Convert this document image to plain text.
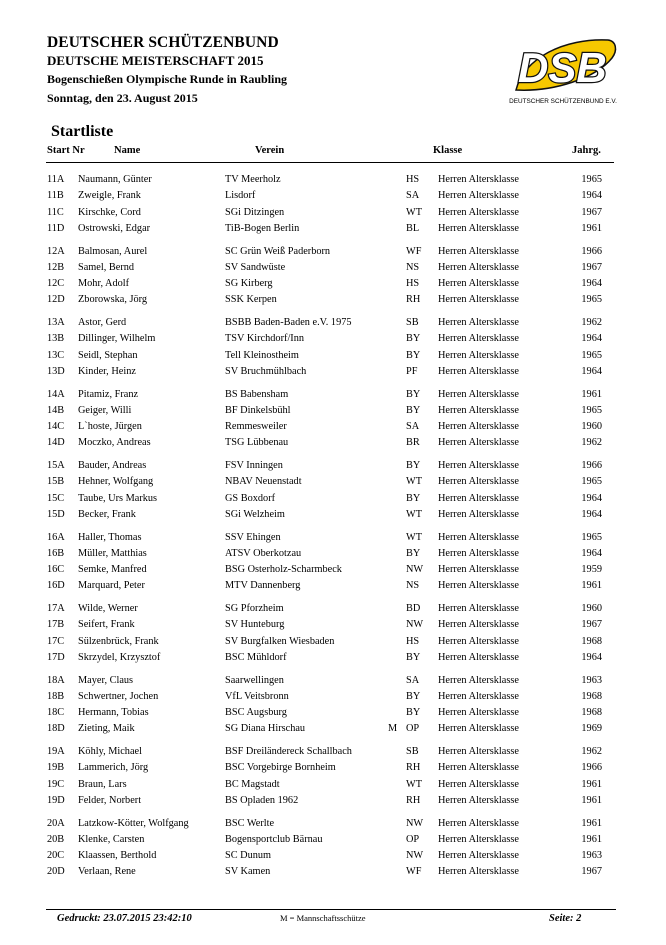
DEUTSCHER SCHÜTZENBUND
DEUTSCHE MEISTERSCHAFT 2015
Bogenschießen Olympische Runde in Raubling
Sonntag, den 23. August 2015
DSB
DEUTSCHER SCHÜTZENBUND E.V.
Startliste
Start Nr	Name	Verein	Klasse	Jahrg.
11A Naumann, Günter	TV Meerholz	HS Herren Altersklasse	1965
11B Zweigle, Frank	Lisdorf	SA Herren Altersklasse	1964
11C Kirschke, Cord	SGi Ditzingen	WT Herren Altersklasse	1967
11D Ostrowski, Edgar	TiB-Bogen Berlin	BL Herren Altersklasse	1961
12A Balmosan, Aurel	SC Grün Weiß Paderborn	WF Herren Altersklasse	1966
12B Samel, Bernd	SV Sandwüste	NS Herren Altersklasse	1967
12C Mohr, Adolf	SG Kirberg	HS Herren Altersklasse	1964
12D Zborowska, Jörg	SSK Kerpen	RH Herren Altersklasse	1965
13A Astor, Gerd	BSBB Baden-Baden e.V. 1975	SB Herren Altersklasse	1962
13B Dillinger, Wilhelm	TSV Kirchdorf/Inn	BY Herren Altersklasse	1964
13C Seidl, Stephan	Tell Kleinostheim	BY Herren Altersklasse	1965
13D Kinder, Heinz	SV Bruchmühlbach	PF Herren Altersklasse	1964
14A Pitamiz, Franz	BS Babensham	BY Herren Altersklasse	1961
14B Geiger, Willi	BF Dinkelsbühl	BY Herren Altersklasse	1965
14C L`hoste, Jürgen	Remmesweiler	SA Herren Altersklasse	1960
14D Moczko, Andreas	TSG Lübbenau	BR Herren Altersklasse	1962
15A Bauder, Andreas	FSV Inningen	BY Herren Altersklasse	1966
15B Hehner, Wolfgang	NBAV Neuenstadt	WT Herren Altersklasse	1965
15C Taube, Urs Markus	GS Boxdorf	BY Herren Altersklasse	1964
15D Becker, Frank	SGi Welzheim	WT Herren Altersklasse	1964
16A Haller, Thomas	SSV Ehingen	WT Herren Altersklasse	1965
16B Müller, Matthias	ATSV Oberkotzau	BY Herren Altersklasse	1964
16C Semke, Manfred	BSG Osterholz-Scharmbeck	NW Herren Altersklasse	1959
16D Marquard, Peter	MTV Dannenberg	NS Herren Altersklasse	1961
17A Wilde, Werner	SG Pforzheim	BD Herren Altersklasse	1960
17B Seifert, Frank	SV Hunteburg	NW Herren Altersklasse	1967
17C Sülzenbrück, Frank	SV Burgfalken Wiesbaden	HS Herren Altersklasse	1968
17D Skrzydel, Krzysztof	BSC Mühldorf	BY Herren Altersklasse	1964
18A Mayer, Claus	Saarwellingen	SA Herren Altersklasse	1963
18B Schwertner, Jochen	VfL Veitsbronn	BY Herren Altersklasse	1968
18C Hermann, Tobias	BSC Augsburg	BY Herren Altersklasse	1968
18D Zieting, Maik	SG Diana Hirschau	M OP Herren Altersklasse	1969
19A Köhly, Michael	BSF Dreiländereck Schallbach	SB Herren Altersklasse	1962
19B Lammerich, Jörg	BSC Vorgebirge Bornheim	RH Herren Altersklasse	1966
19C Braun, Lars	BC Magstadt	WT Herren Altersklasse	1961
19D Felder, Norbert	BS Opladen 1962	RH Herren Altersklasse	1961
20A Latzkow-Kötter, Wolfgang	BSC Werlte	NW Herren Altersklasse	1961
20B Klenke, Carsten	Bogensportclub Bärnau	OP Herren Altersklasse	1961
20C Klaassen, Berthold	SC Dunum	NW Herren Altersklasse	1963
20D Verlaan, Rene	SV Kamen	WF Herren Altersklasse	1967
Gedruckt: 23.07.2015 23:42:10	M = Mannschaftsschütze	Seite: 2
